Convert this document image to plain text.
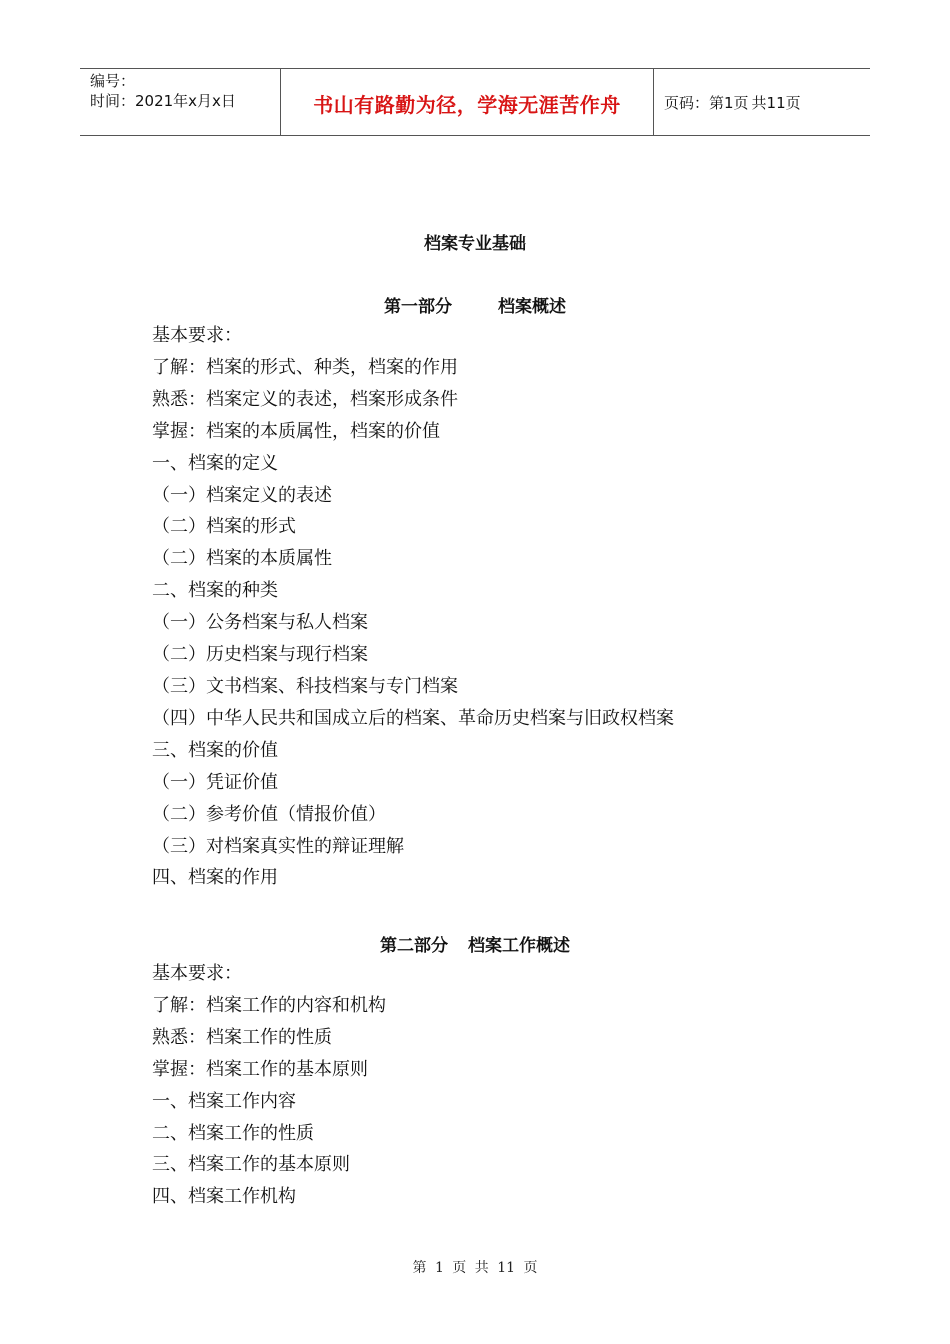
编号：
时间：2021年x月x日	书山有路勤为径，学海无涯苦作舟	页码：第1页 共11页
档案专业基础
第一部分	档案概述
基本要求：
了解：档案的形式、种类，档案的作用
熟悉：档案定义的表述，档案形成条件
掌握：档案的本质属性，档案的价值
一、档案的定义
（一）档案定义的表述
（二）档案的形式
（二）档案的本质属性
二、档案的种类
（一）公务档案与私人档案
（二）历史档案与现行档案
（三）文书档案、科技档案与专门档案
（四）中华人民共和国成立后的档案、革命历史档案与旧政权档案
三、档案的价值
（一）凭证价值
（二）参考价值（情报价值）
（三）对档案真实性的辩证理解
四、档案的作用
第二部分 档案工作概述
基本要求：
了解：档案工作的内容和机构
熟悉：档案工作的性质
掌握：档案工作的基本原则
一、档案工作内容
二、档案工作的性质
三、档案工作的基本原则
四、档案工作机构
第 1 页 共 11 页
